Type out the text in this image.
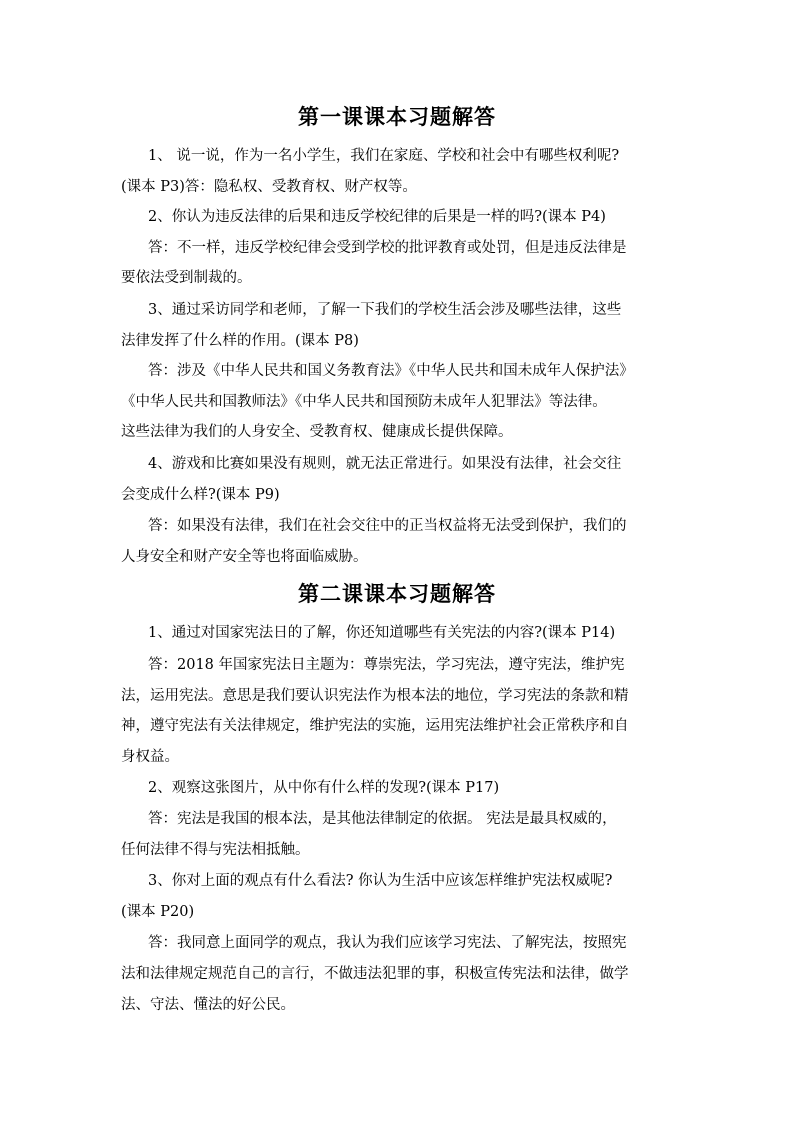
第一课课本习题解答
1、 说一说，作为一名小学生，我们在家庭、学校和社会中有哪些权利呢?
(课本 P3)答：隐私权、受教育权、财产权等。
2、你认为违反法律的后果和违反学校纪律的后果是一样的吗?(课本 P4)
答：不一样，违反学校纪律会受到学校的批评教育或处罚，但是违反法律是
要依法受到制裁的。
3、通过采访同学和老师，了解一下我们的学校生活会涉及哪些法律，这些
法律发挥了什么样的作用。(课本 P8)
答：涉及《中华人民共和国义务教育法》《中华人民共和国未成年人保护法》
《中华人民共和国教师法》《中华人民共和国预防未成年人犯罪法》等法律。
这些法律为我们的人身安全、受教育权、健康成长提供保障。
4、游戏和比赛如果没有规则，就无法正常进行。如果没有法律，社会交往
会变成什么样?(课本 P9)
答：如果没有法律，我们在社会交往中的正当权益将无法受到保护，我们的
人身安全和财产安全等也将面临威胁。
第二课课本习题解答
1、通过对国家宪法日的了解，你还知道哪些有关宪法的内容?(课本 P14)
答：2018 年国家宪法日主题为：尊崇宪法，学习宪法，遵守宪法，维护宪
法，运用宪法。意思是我们要认识宪法作为根本法的地位，学习宪法的条款和精
神，遵守宪法有关法律规定，维护宪法的实施，运用宪法维护社会正常秩序和自
身权益。
2、观察这张图片，从中你有什么样的发现?(课本 P17)
答：宪法是我国的根本法，是其他法律制定的依据。 宪法是最具权威的，
任何法律不得与宪法相抵触。
3、你对上面的观点有什么看法? 你认为生活中应该怎样维护宪法权威呢?
(课本 P20)
答：我同意上面同学的观点，我认为我们应该学习宪法、了解宪法，按照宪
法和法律规定规范自己的言行，不做违法犯罪的事，积极宣传宪法和法律，做学
法、守法、懂法的好公民。
